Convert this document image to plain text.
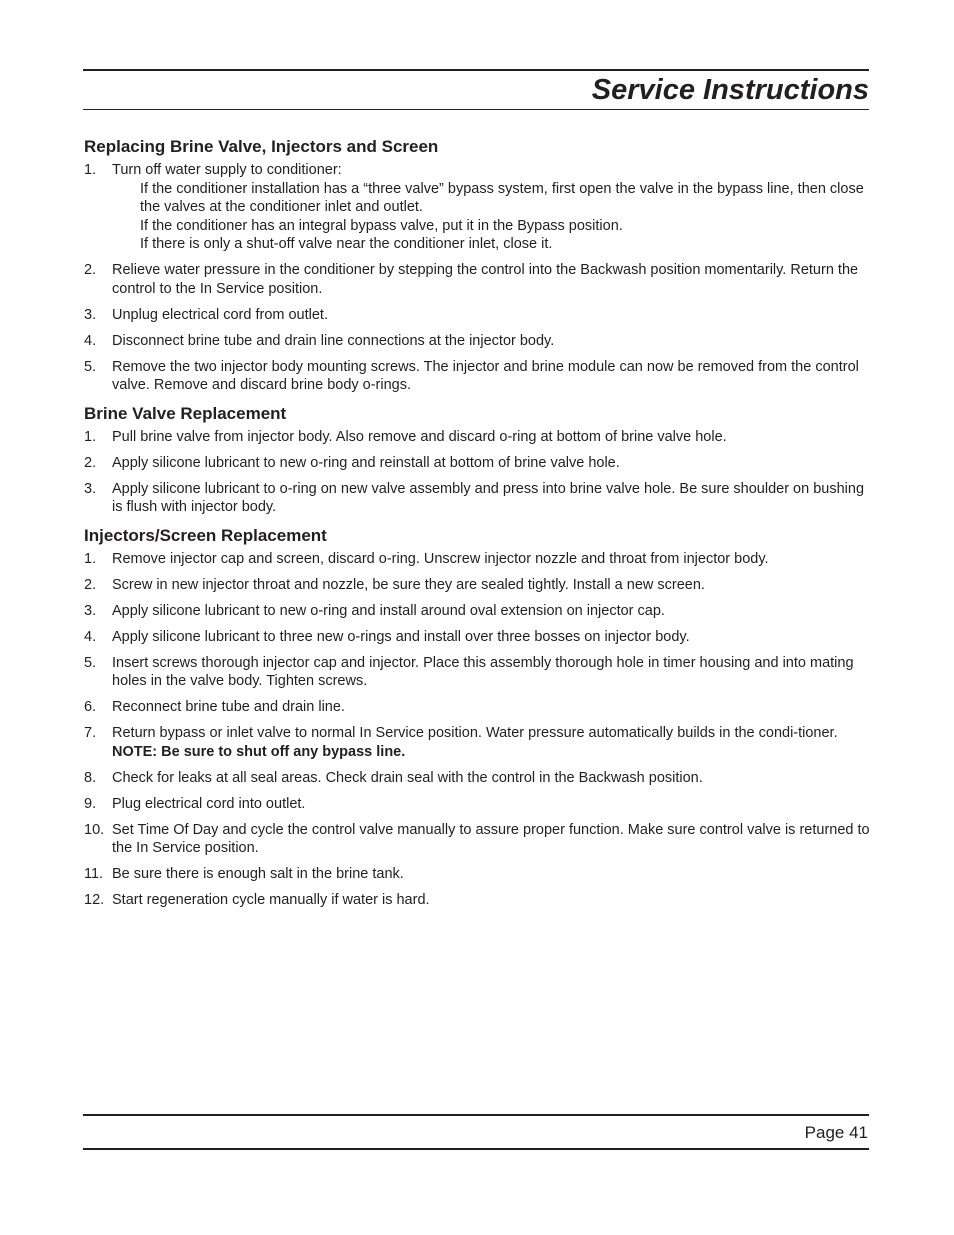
Service Instructions
Replacing Brine Valve, Injectors and Screen
1. Turn off water supply to conditioner:
If the conditioner installation has a “three valve” bypass system, first open the valve in the bypass line, then close the valves at the conditioner inlet and outlet.
If the conditioner has an integral bypass valve, put it in the Bypass position.
If there is only a shut-off valve near the conditioner inlet, close it.
2. Relieve water pressure in the conditioner by stepping the control into the Backwash position momentarily. Return the control to the In Service position.
3. Unplug electrical cord from outlet.
4. Disconnect brine tube and drain line connections at the injector body.
5. Remove the two injector body mounting screws. The injector and brine module can now be removed from the control valve. Remove and discard brine body o-rings.
Brine Valve Replacement
1. Pull brine valve from injector body. Also remove and discard o-ring at bottom of brine valve hole.
2. Apply silicone lubricant to new o-ring and reinstall at bottom of brine valve hole.
3. Apply silicone lubricant to o-ring on new valve assembly and press into brine valve hole. Be sure shoulder on bushing is flush with injector body.
Injectors/Screen Replacement
1. Remove injector cap and screen, discard o-ring. Unscrew injector nozzle and throat from injector body.
2. Screw in new injector throat and nozzle, be sure they are sealed tightly. Install a new screen.
3. Apply silicone lubricant to new o-ring and install around oval extension on injector cap.
4. Apply silicone lubricant to three new o-rings and install over three bosses on injector body.
5. Insert screws thorough injector cap and injector. Place this assembly thorough hole in timer housing and into mating holes in the valve body. Tighten screws.
6. Reconnect brine tube and drain line.
7. Return bypass or inlet valve to normal In Service position. Water pressure automatically builds in the condi-tioner.
NOTE: Be sure to shut off any bypass line.
8. Check for leaks at all seal areas. Check drain seal with the control in the Backwash position.
9. Plug electrical cord into outlet.
10. Set Time Of Day and cycle the control valve manually to assure proper function. Make sure control valve is returned to the In Service position.
11. Be sure there is enough salt in the brine tank.
12. Start regeneration cycle manually if water is hard.
Page 41
